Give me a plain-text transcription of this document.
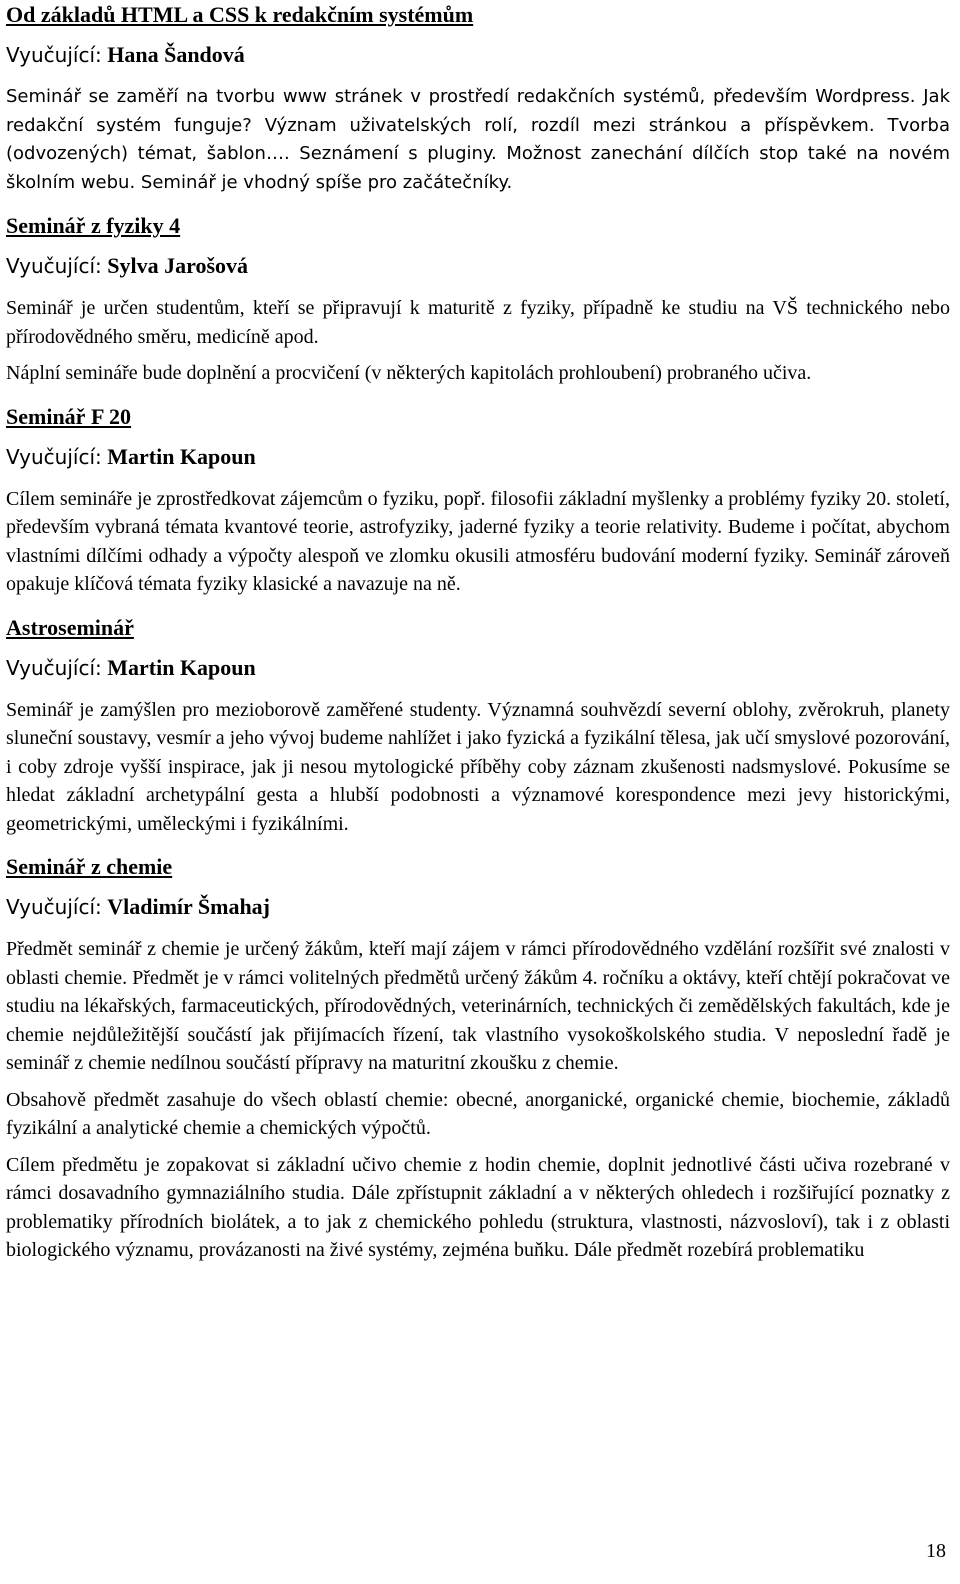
Od základů HTML a CSS k redakčním systémům
Vyučující: Hana Šandová

Seminář se zaměří na tvorbu www stránek v prostředí redakčních systémů, především Wordpress. Jak redakční systém funguje? Význam uživatelských rolí, rozdíl mezi stránkou a příspěvkem. Tvorba (odvozených) témat, šablon…. Seznámení s pluginy. Možnost zanechání dílčích stop také na novém školním webu. Seminář je vhodný spíše pro začátečníky.

Seminář z fyziky 4
Vyučující: Sylva Jarošová

Seminář je určen studentům, kteří se připravují k maturitě z fyziky, případně ke studiu na VŠ technického nebo přírodovědného směru, medicíně apod.

Náplní semináře bude doplnění a procvičení (v některých kapitolách prohloubení) probraného učiva.

Seminář F 20
Vyučující: Martin Kapoun

Cílem semináře je zprostředkovat zájemcům o fyziku, popř. filosofii základní myšlenky a problémy fyziky 20. století, především vybraná témata kvantové teorie, astrofyziky, jaderné fyziky a teorie relativity. Budeme i počítat, abychom vlastními dílčími odhady a výpočty alespoň ve zlomku okusili atmosféru budování moderní fyziky. Seminář zároveň opakuje klíčová témata fyziky klasické a navazuje na ně.

Astroseminář
Vyučující: Martin Kapoun

Seminář je zamýšlen pro mezioborově zaměřené studenty. Významná souhvězdí severní oblohy, zvěrokruh, planety sluneční soustavy, vesmír a jeho vývoj budeme nahlížet i jako fyzická a fyzikální tělesa, jak učí smyslové pozorování, i coby zdroje vyšší inspirace, jak ji nesou mytologické příběhy coby záznam zkušenosti nadsmyslové. Pokusíme se hledat základní archetypální gesta a hlubší podobnosti a významové korespondence mezi jevy historickými, geometrickými, uměleckými i fyzikálními.

Seminář z chemie
Vyučující: Vladimír Šmahaj

Předmět seminář z chemie je určený žákům, kteří mají zájem v rámci přírodovědného vzdělání rozšířit své znalosti v oblasti chemie. Předmět je v rámci volitelných předmětů určený žákům 4. ročníku a oktávy, kteří chtějí pokračovat ve studiu na lékařských, farmaceutických, přírodovědných, veterinárních, technických či zemědělských fakultách, kde je chemie nejdůležitější součástí jak přijímacích řízení, tak vlastního vysokoškolského studia. V neposlední řadě je seminář z chemie nedílnou součástí přípravy na maturitní zkoušku z chemie.

Obsahově předmět zasahuje do všech oblastí chemie: obecné, anorganické, organické chemie, biochemie, základů fyzikální a analytické chemie a chemických výpočtů.

Cílem předmětu je zopakovat si základní učivo chemie z hodin chemie, doplnit jednotlivé části učiva rozebrané v rámci dosavadního gymnaziálního studia. Dále zpřístupnit základní a v některých ohledech i rozšiřující poznatky z problematiky přírodních biolátek, a to jak z chemického pohledu (struktura, vlastnosti, názvosloví), tak i z oblasti biologického významu, provázanosti na živé systémy, zejména buňku. Dále předmět rozebírá problematiku

18
